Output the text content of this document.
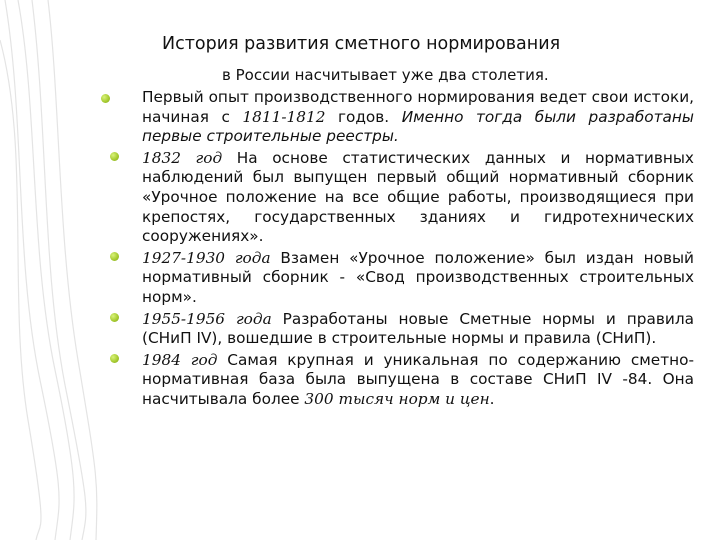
История развития сметного нормирования

в России насчитывает уже два столетия.

Первый опыт производственного нормирования ведет свои истоки, начиная с 1811-1812 годов. Именно тогда были разработаны первые строительные реестры.
1832 год На основе статистических данных и нормативных наблюдений был выпущен первый общий нормативный сборник «Урочное положение на все общие работы, производящиеся при крепостях, государственных зданиях и гидротехнических сооружениях».
1927-1930 года Взамен «Урочное положение» был издан новый нормативный сборник - «Свод производственных строительных норм».
1955-1956 года Разработаны новые Сметные нормы и правила (СНиП IV), вошедшие в строительные нормы и правила (СНиП).
1984 год Самая крупная и уникальная по содержанию сметно-нормативная база была выпущена в составе СНиП IV -84. Она насчитывала более 300 тысяч норм и цен.
